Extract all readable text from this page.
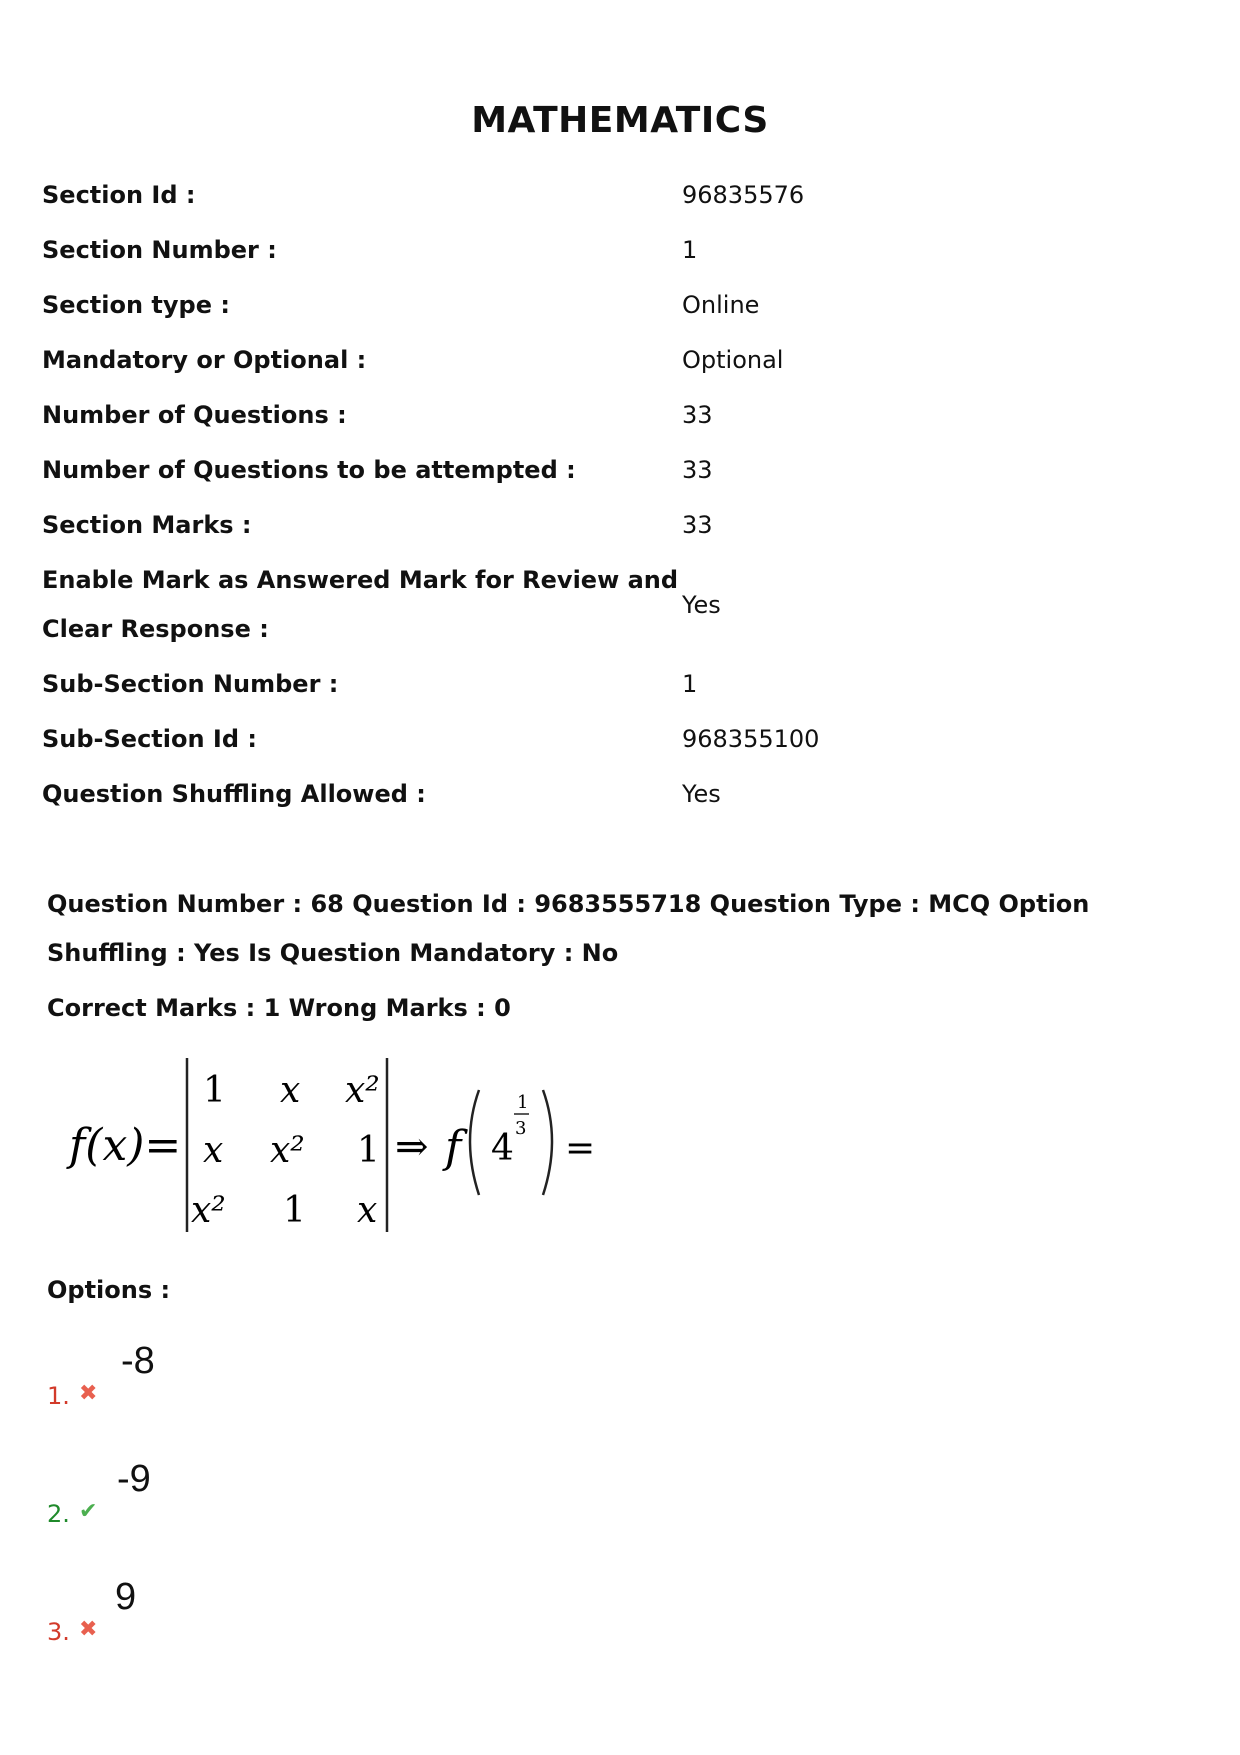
MATHEMATICS
Section Id :	96835576
Section Number :	1
Section type :	Online
Mandatory or Optional :	Optional
Number of Questions :	33
Number of Questions to be attempted :	33
Section Marks :	33
Enable Mark as Answered Mark for Review and Clear Response :
Yes
Sub-Section Number :	1
Sub-Section Id :	968355100
Question Shuffling Allowed :	Yes
Question Number : 68 Question Id : 9683555718 Question Type : MCQ Option Shuffling : Yes Is Question Mandatory : No
Correct Marks : 1 Wrong Marks : 0
f(x)=
1 x x²
x x² 1
x² 1 x
⇒ f 4
1
3 =
Options :
1. ✖
-8
2. ✔
-9
3. ✖
9
